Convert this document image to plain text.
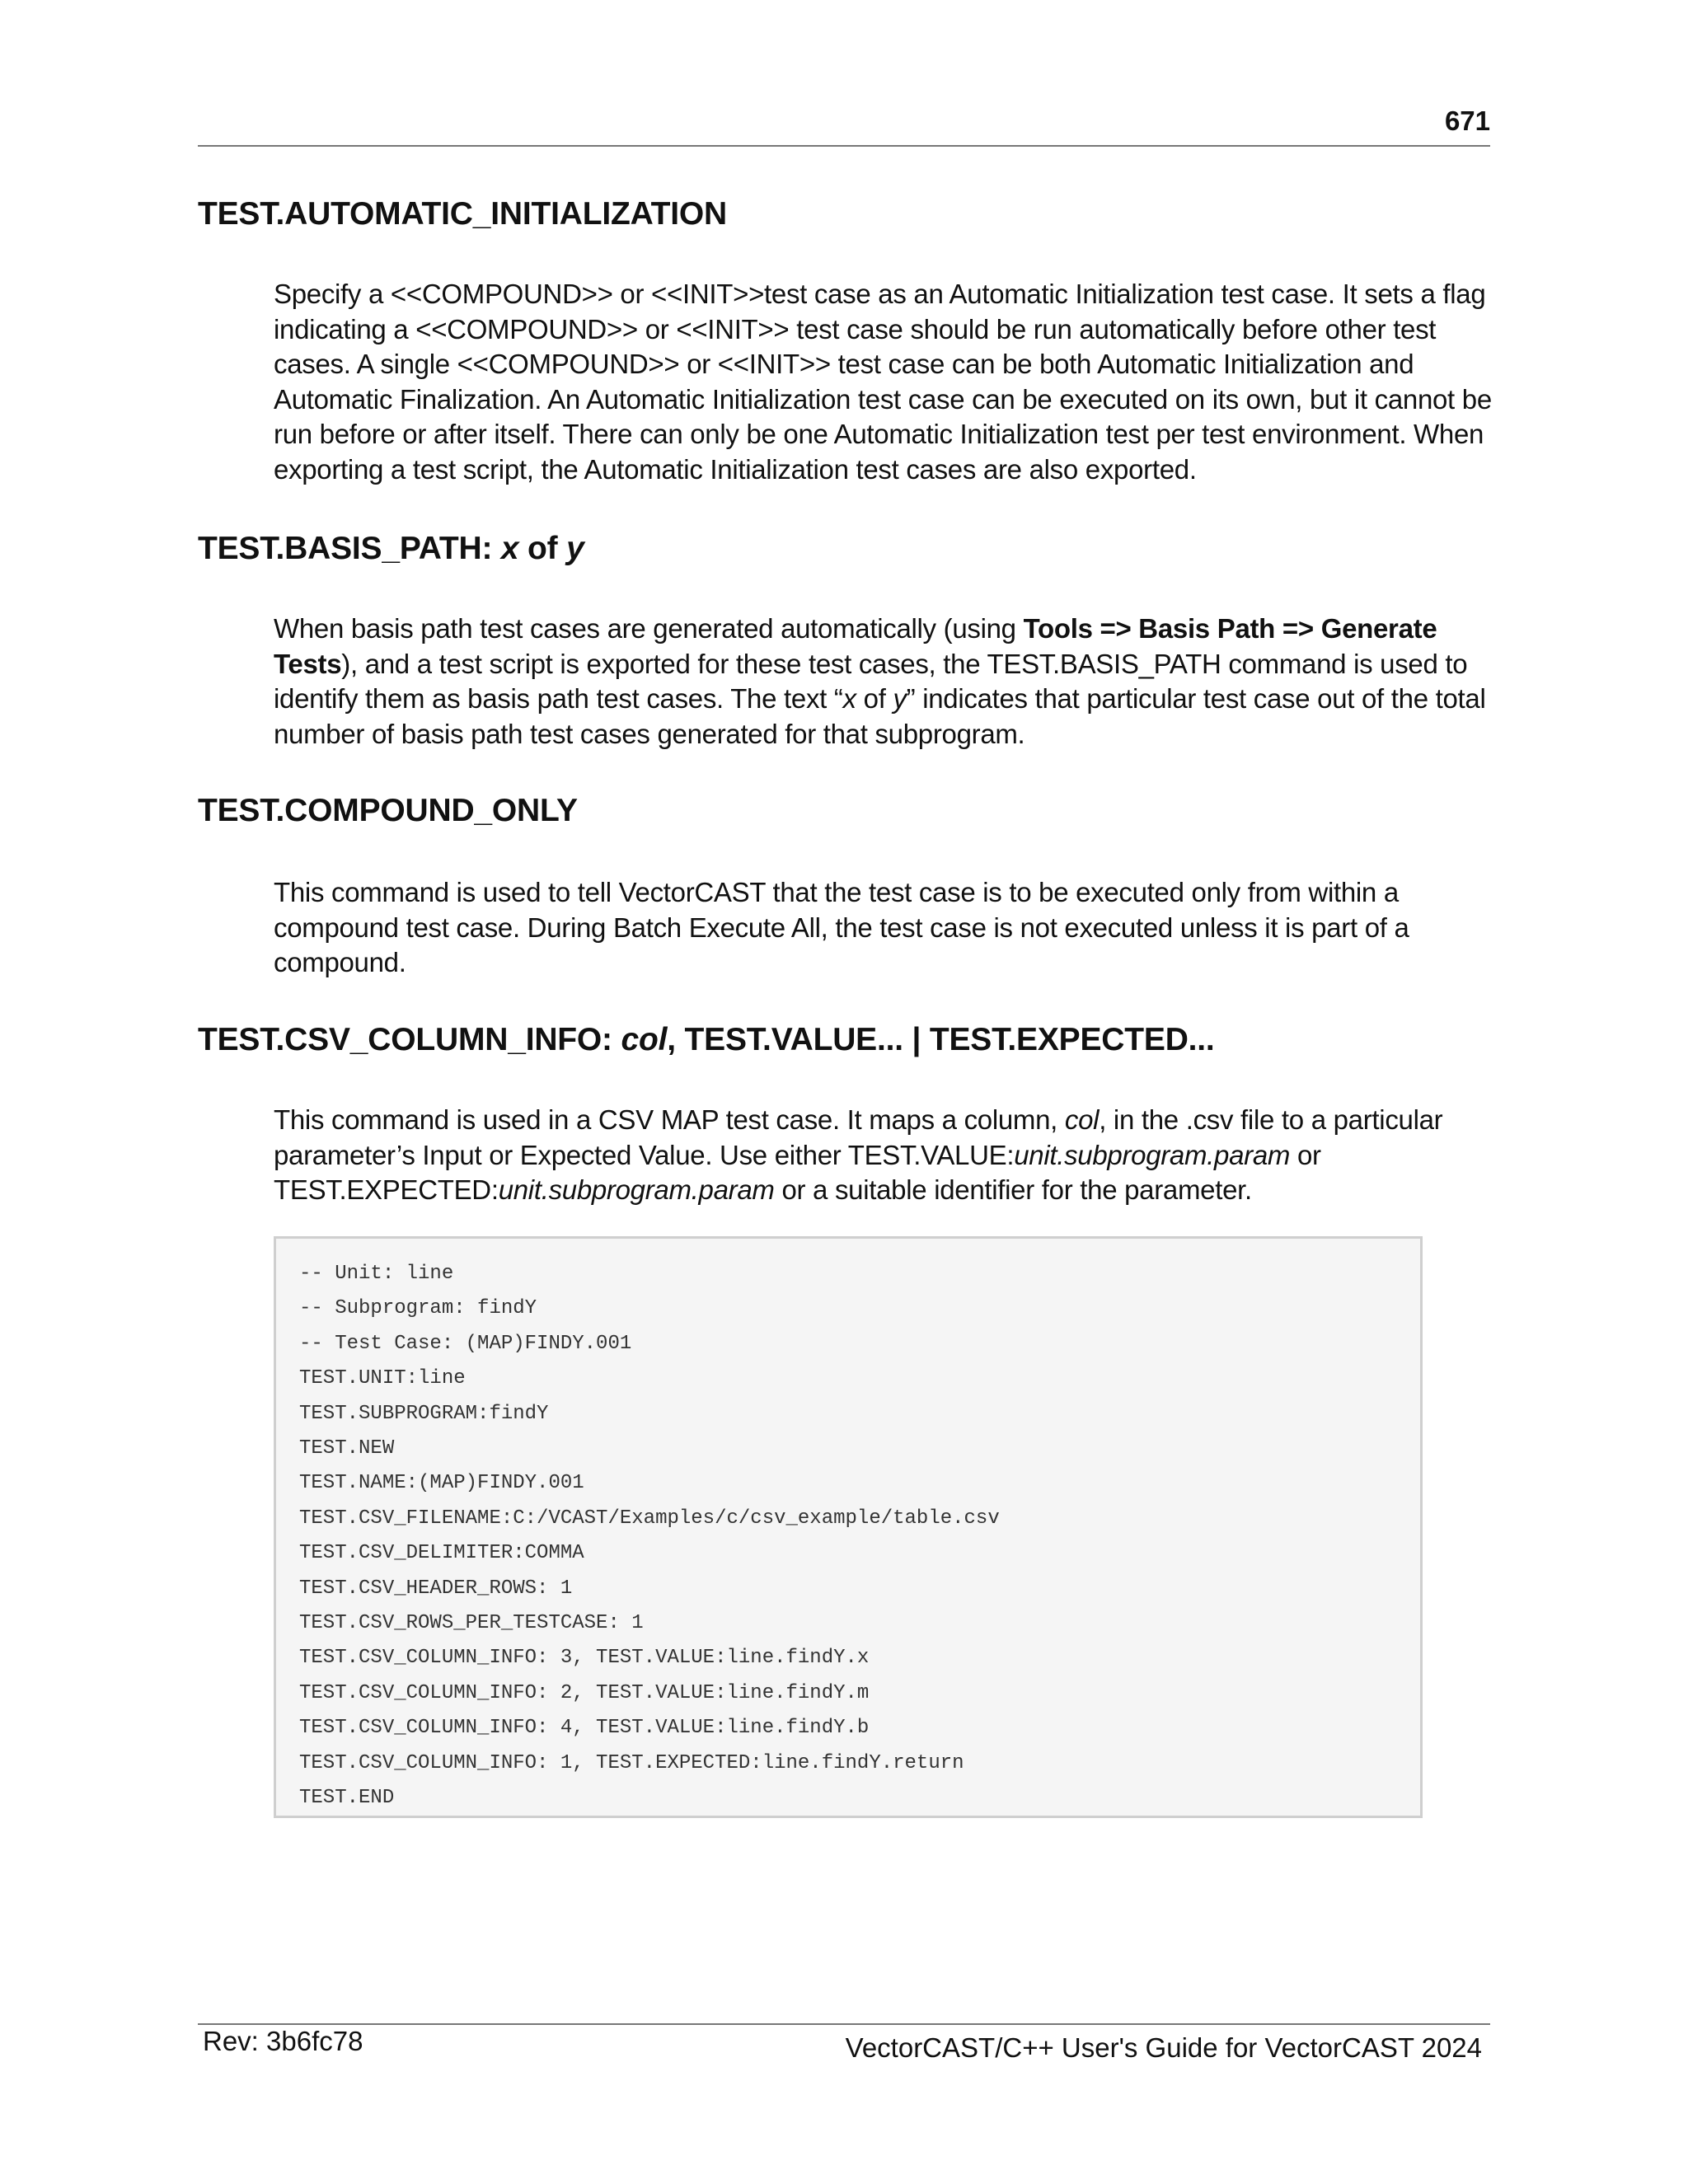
671
TEST.AUTOMATIC_INITIALIZATION

Specify a <<COMPOUND>> or <<INIT>>test case as an Automatic Initialization test case. It sets a flag indicating a <<COMPOUND>> or <<INIT>> test case should be run automatically before other test cases. A single <<COMPOUND>> or <<INIT>> test case can be both Automatic Initialization and Automatic Finalization. An Automatic Initialization test case can be executed on its own, but it cannot be run before or after itself. There can only be one Automatic Initialization test per test environment. When exporting a test script, the Automatic Initialization test cases are also exported.

TEST.BASIS_PATH: x of y

When basis path test cases are generated automatically (using Tools => Basis Path => Generate Tests), and a test script is exported for these test cases, the TEST.BASIS_PATH command is used to identify them as basis path test cases. The text “x of y” indicates that particular test case out of the total number of basis path test cases generated for that subprogram.

TEST.COMPOUND_ONLY

This command is used to tell VectorCAST that the test case is to be executed only from within a compound test case. During Batch Execute All, the test case is not executed unless it is part of a compound.

TEST.CSV_COLUMN_INFO: col, TEST.VALUE... | TEST.EXPECTED...

This command is used in a CSV MAP test case. It maps a column, col, in the .csv file to a particular parameter’s Input or Expected Value. Use either TEST.VALUE:unit.subprogram.param or TEST.EXPECTED:unit.subprogram.param or a suitable identifier for the parameter.

-- Unit: line
-- Subprogram: findY
-- Test Case: (MAP)FINDY.001
TEST.UNIT:line
TEST.SUBPROGRAM:findY
TEST.NEW
TEST.NAME:(MAP)FINDY.001
TEST.CSV_FILENAME:C:/VCAST/Examples/c/csv_example/table.csv
TEST.CSV_DELIMITER:COMMA
TEST.CSV_HEADER_ROWS: 1
TEST.CSV_ROWS_PER_TESTCASE: 1
TEST.CSV_COLUMN_INFO: 3, TEST.VALUE:line.findY.x
TEST.CSV_COLUMN_INFO: 2, TEST.VALUE:line.findY.m
TEST.CSV_COLUMN_INFO: 4, TEST.VALUE:line.findY.b
TEST.CSV_COLUMN_INFO: 1, TEST.EXPECTED:line.findY.return
TEST.END
Rev: 3b6fc78	VectorCAST/C++ User's Guide for VectorCAST 2024
